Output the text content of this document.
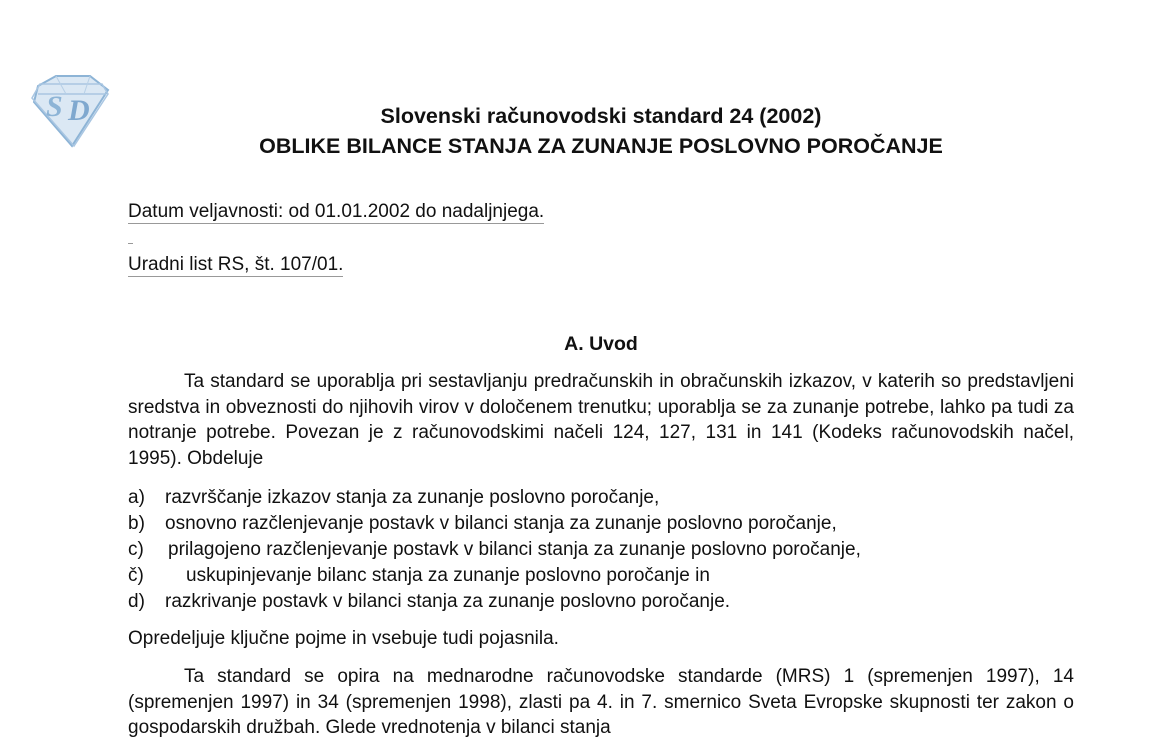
S D	Slovenski računovodski standard 24 (2002)
OBLIKE BILANCE STANJA ZA ZUNANJE POSLOVNO POROČANJE
Datum veljavnosti: od 01.01.2002 do nadaljnjega.
Uradni list RS, št. 107/01.
A. Uvod

Ta standard se uporablja pri sestavljanju predračunskih in obračunskih izkazov, v katerih so predstavljeni sredstva in obveznosti do njihovih virov v določenem trenutku; uporablja se za zunanje potrebe, lahko pa tudi za notranje potrebe. Povezan je z računovodskimi načeli 124, 127, 131 in 141 (Kodeks računovodskih načel, 1995). Obdeluje

a) razvrščanje izkazov stanja za zunanje poslovno poročanje,
b) osnovno razčlenjevanje postavk v bilanci stanja za zunanje poslovno poročanje,
c) prilagojeno razčlenjevanje postavk v bilanci stanja za zunanje poslovno poročanje,
č) uskupinjevanje bilanc stanja za zunanje poslovno poročanje in
d) razkrivanje postavk v bilanci stanja za zunanje poslovno poročanje.
Opredeljuje ključne pojme in vsebuje tudi pojasnila.

Ta standard se opira na mednarodne računovodske standarde (MRS) 1 (spremenjen 1997), 14 (spremenjen 1997) in 34 (spremenjen 1998), zlasti pa 4. in 7. smernico Sveta Evropske skupnosti ter zakon o gospodarskih družbah. Glede vrednotenja v bilanci stanja
